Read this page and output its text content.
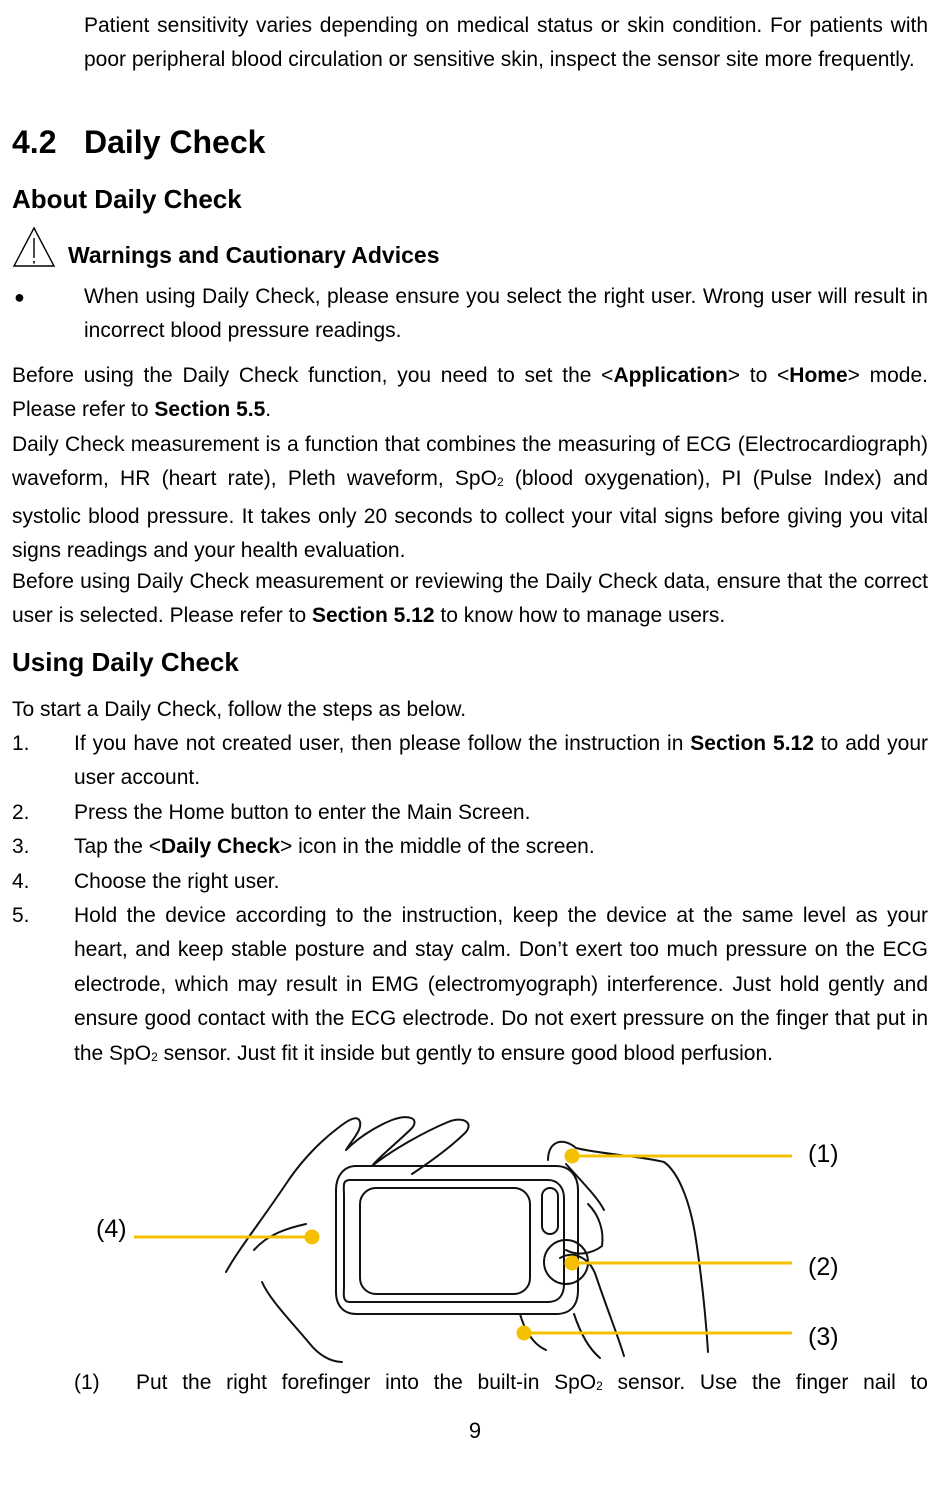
Patient sensitivity varies depending on medical status or skin condition. For patients with poor peripheral blood circulation or sensitive skin, inspect the sensor site more frequently.

4.2 Daily Check
About Daily Check
Warnings and Cautionary Advices
●	When using Daily Check, please ensure you select the right user. Wrong user will result in incorrect blood pressure readings.

Before using the Daily Check function, you need to set the <Application> to <Home> mode. Please refer to Section 5.5.

Daily Check measurement is a function that combines the measuring of ECG (Electrocardiograph) waveform, HR (heart rate), Pleth waveform, SpO2 (blood oxygenation), PI (Pulse Index) and systolic blood pressure. It takes only 20 seconds to collect your vital signs before giving you vital signs readings and your health evaluation.

Before using Daily Check measurement or reviewing the Daily Check data, ensure that the correct user is selected. Please refer to Section 5.12 to know how to manage users.

Using Daily Check

To start a Daily Check, follow the steps as below.

1. If you have not created user, then please follow the instruction in Section 5.12 to add your user account.

2. Press the Home button to enter the Main Screen.

3. Tap the <Daily Check> icon in the middle of the screen.

4. Choose the right user.

5. Hold the device according to the instruction, keep the device at the same level as your heart, and keep stable posture and stay calm. Don’t exert too much pressure on the ECG electrode, which may result in EMG (electromyograph) interference. Just hold gently and ensure good contact with the ECG electrode. Do not exert pressure on the finger that put in the SpO2 sensor. Just fit it inside but gently to ensure good blood perfusion.

(1)
(2)
(3)
(4)
(1) Put the right forefinger into the built-in SpO2 sensor. Use the finger nail to

9
